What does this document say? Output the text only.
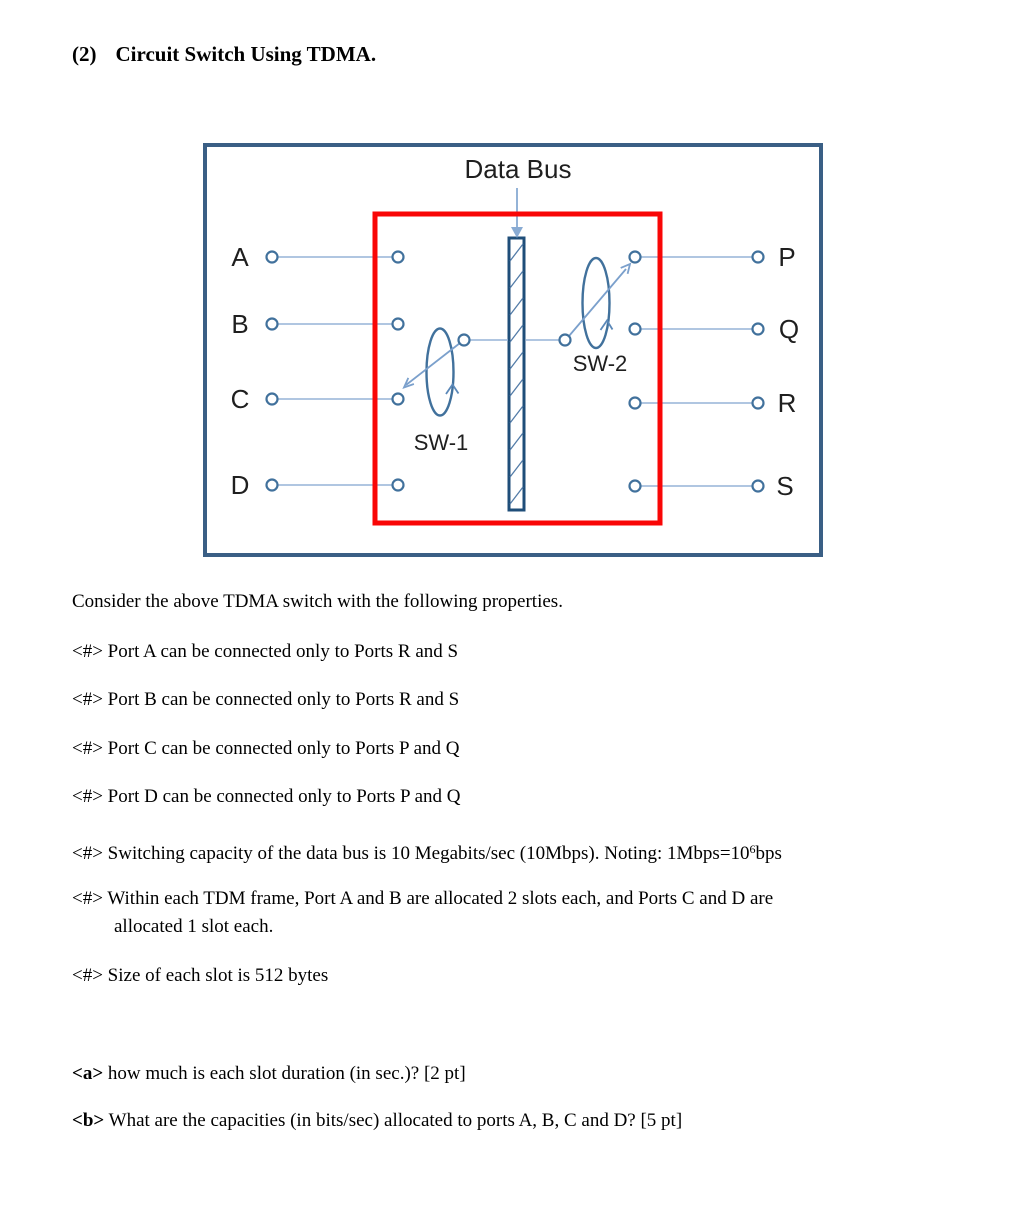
(2) Circuit Switch Using TDMA.
Data Bus
SW-1
SW-2
A
B
C
D
P
Q
R
S
Consider the above TDMA switch with the following properties.
<#> Port A can be connected only to Ports R and S
<#> Port B can be connected only to Ports R and S
<#> Port C can be connected only to Ports P and Q
<#> Port D can be connected only to Ports P and Q
<#> Switching capacity of the data bus is 10 Megabits/sec (10Mbps). Noting: $1Mbps=10^6bps$
<#> Within each TDM frame, Port A and B are allocated 2 slots each, and Ports C and D are
allocated 1 slot each.
<#> Size of each slot is 512 bytes
<a> how much is each slot duration (in sec.)? [2 pt]
<b> What are the capacities (in bits/sec) allocated to ports A, B, C and D? [5 pt]
